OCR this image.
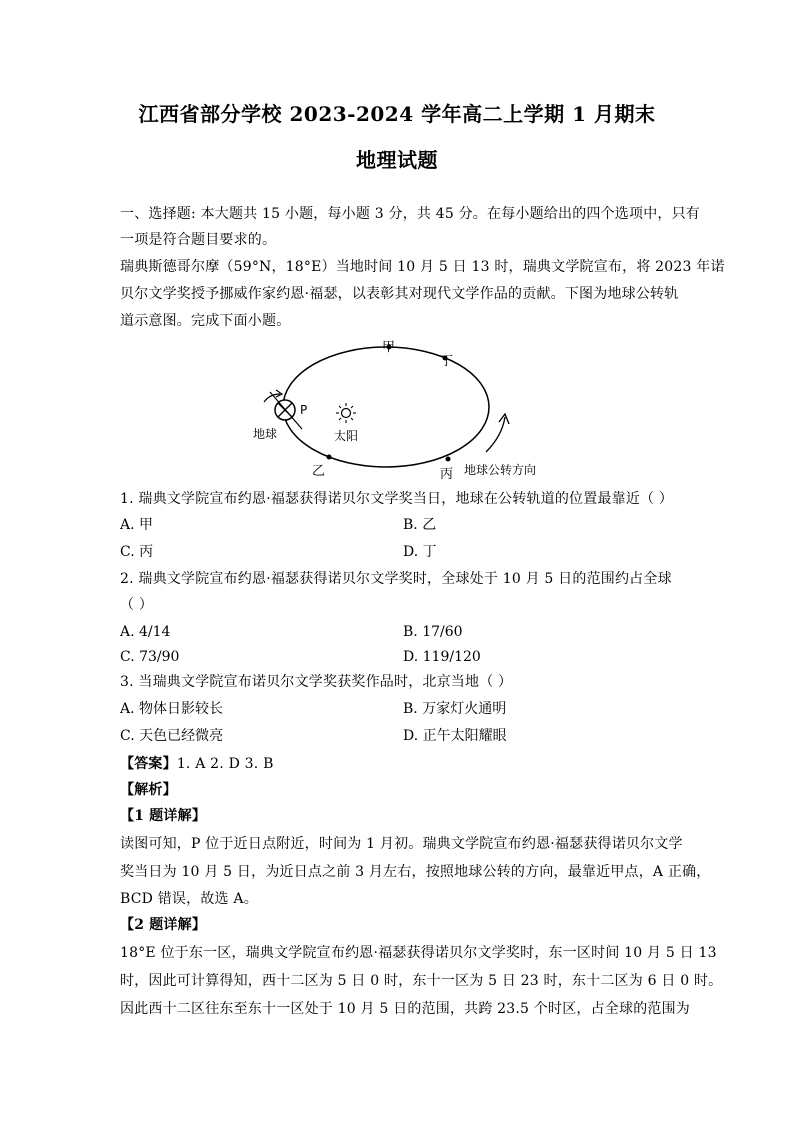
江西省部分学校 2023-2024 学年高二上学期 1 月期末
地理试题
一、选择题: 本大题共 15 小题，每小题 3 分，共 45 分。在每小题给出的四个选项中，只有
一项是符合题目要求的。
瑞典斯德哥尔摩（59°N，18°E）当地时间 10 月 5 日 13 时，瑞典文学院宣布，将 2023 年诺
贝尔文学奖授予挪威作家约恩·福瑟，以表彰其对现代文学作品的贡献。下图为地球公转轨
道示意图。完成下面小题。
甲
丁
P
地球	太阳
乙	丙 地球公转方向
1. 瑞典文学院宣布约恩·福瑟获得诺贝尔文学奖当日，地球在公转轨道的位置最靠近（ ）
A. 甲	B. 乙
C. 丙	D. 丁
2. 瑞典文学院宣布约恩·福瑟获得诺贝尔文学奖时，全球处于 10 月 5 日的范围约占全球
（ ）
A. 4/14	B. 17/60
C. 73/90	D. 119/120
3. 当瑞典文学院宣布诺贝尔文学奖获奖作品时，北京当地（ ）
A. 物体日影较长	B. 万家灯火通明
C. 天色已经微亮	D. 正午太阳耀眼
【答案】1. A 2. D 3. B
【解析】
【1 题详解】
读图可知，P 位于近日点附近，时间为 1 月初。瑞典文学院宣布约恩·福瑟获得诺贝尔文学
奖当日为 10 月 5 日，为近日点之前 3 月左右，按照地球公转的方向，最靠近甲点，A 正确，
BCD 错误，故选 A。
【2 题详解】
18°E 位于东一区，瑞典文学院宣布约恩·福瑟获得诺贝尔文学奖时，东一区时间 10 月 5 日 13
时，因此可计算得知，西十二区为 5 日 0 时，东十一区为 5 日 23 时，东十二区为 6 日 0 时。
因此西十二区往东至东十一区处于 10 月 5 日的范围，共跨 23.5 个时区，占全球的范围为
